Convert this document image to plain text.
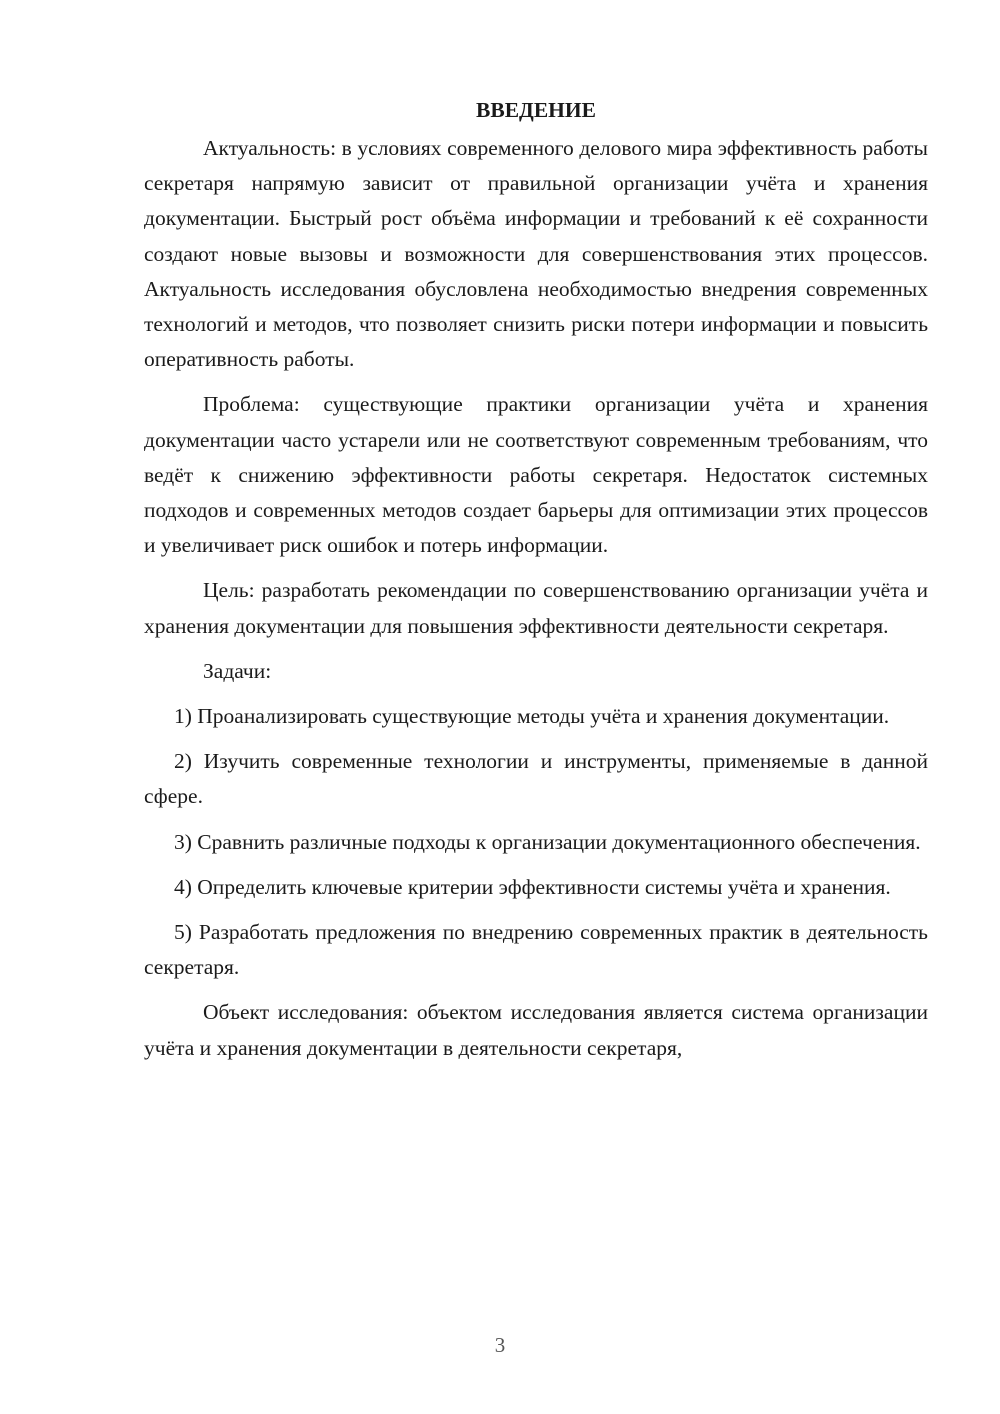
ВВЕДЕНИЕ

Актуальность: в условиях современного делового мира эффективность работы секретаря напрямую зависит от правильной организации учёта и хранения документации. Быстрый рост объёма информации и требований к её сохранности создают новые вызовы и возможности для совершенствования этих процессов. Актуальность исследования обусловлена необходимостью внедрения современных технологий и методов, что позволяет снизить риски потери информации и повысить оперативность работы.

Проблема: существующие практики организации учёта и хранения документации часто устарели или не соответствуют современным требованиям, что ведёт к снижению эффективности работы секретаря. Недостаток системных подходов и современных методов создает барьеры для оптимизации этих процессов и увеличивает риск ошибок и потерь информации.

Цель: разработать рекомендации по совершенствованию организации учёта и хранения документации для повышения эффективности деятельности секретаря.

Задачи:

1) Проанализировать существующие методы учёта и хранения документации.

2) Изучить современные технологии и инструменты, применяемые в данной сфере.

3) Сравнить различные подходы к организации документационного обеспечения.

4) Определить ключевые критерии эффективности системы учёта и хранения.

5) Разработать предложения по внедрению современных практик в деятельность секретаря.

Объект исследования: объектом исследования является система организации учёта и хранения документации в деятельности секретаря,

3
